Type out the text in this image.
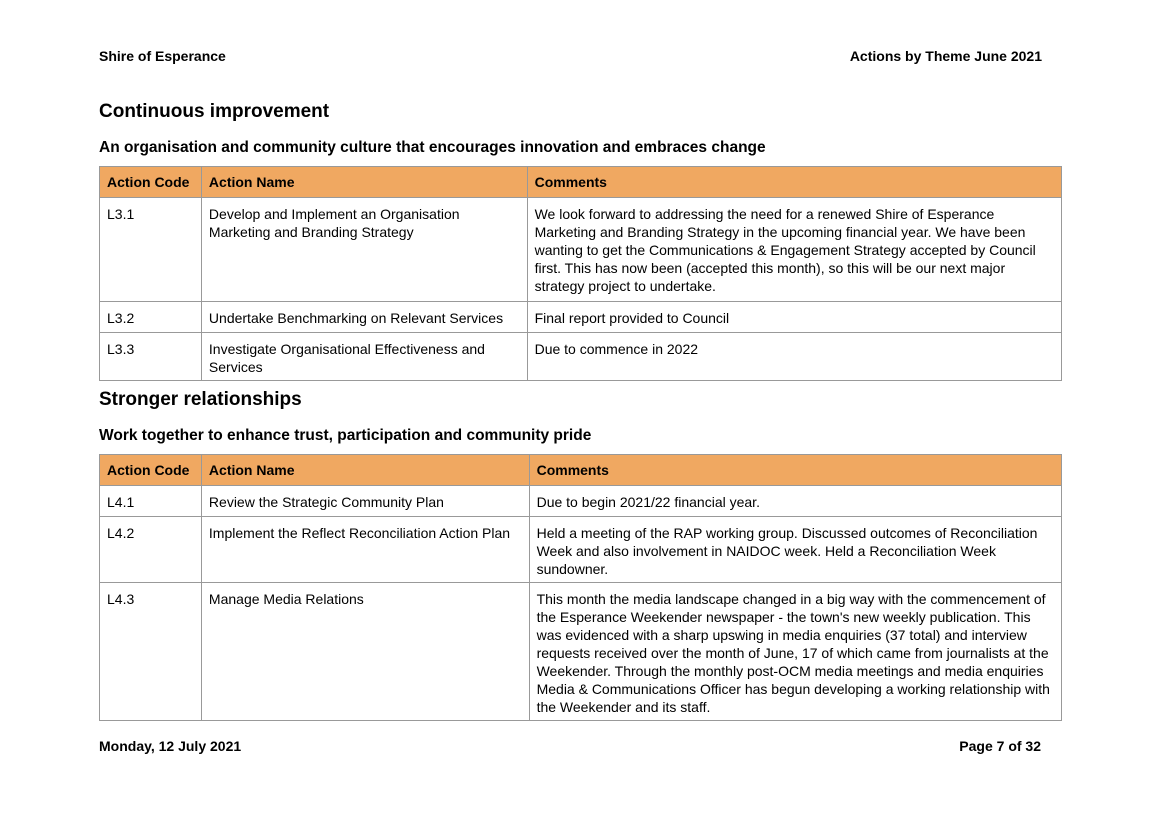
Shire of Esperance	Actions by Theme June 2021
Continuous improvement
An organisation and community culture that encourages innovation and embraces change
Action Code	Action Name	Comments
L3.1	Develop and Implement an Organisation Marketing and Branding Strategy	We look forward to addressing the need for a renewed Shire of Esperance Marketing and Branding Strategy in the upcoming financial year. We have been wanting to get the Communications & Engagement Strategy accepted by Council first. This has now been (accepted this month), so this will be our next major strategy project to undertake.
L3.2	Undertake Benchmarking on Relevant Services	Final report provided to Council
L3.3	Investigate Organisational Effectiveness and Services	Due to commence in 2022
Stronger relationships
Work together to enhance trust, participation and community pride
Action Code	Action Name	Comments
L4.1	Review the Strategic Community Plan	Due to begin 2021/22 financial year.
L4.2	Implement the Reflect Reconciliation Action Plan	Held a meeting of the RAP working group. Discussed outcomes of Reconciliation Week and also involvement in NAIDOC week. Held a Reconciliation Week sundowner.
L4.3	Manage Media Relations	This month the media landscape changed in a big way with the commencement of the Esperance Weekender newspaper - the town's new weekly publication. This was evidenced with a sharp upswing in media enquiries (37 total) and interview requests received over the month of June, 17 of which came from journalists at the Weekender. Through the monthly post-OCM media meetings and media enquiries Media & Communications Officer has begun developing a working relationship with the Weekender and its staff.
Monday, 12 July 2021	Page 7 of 32
